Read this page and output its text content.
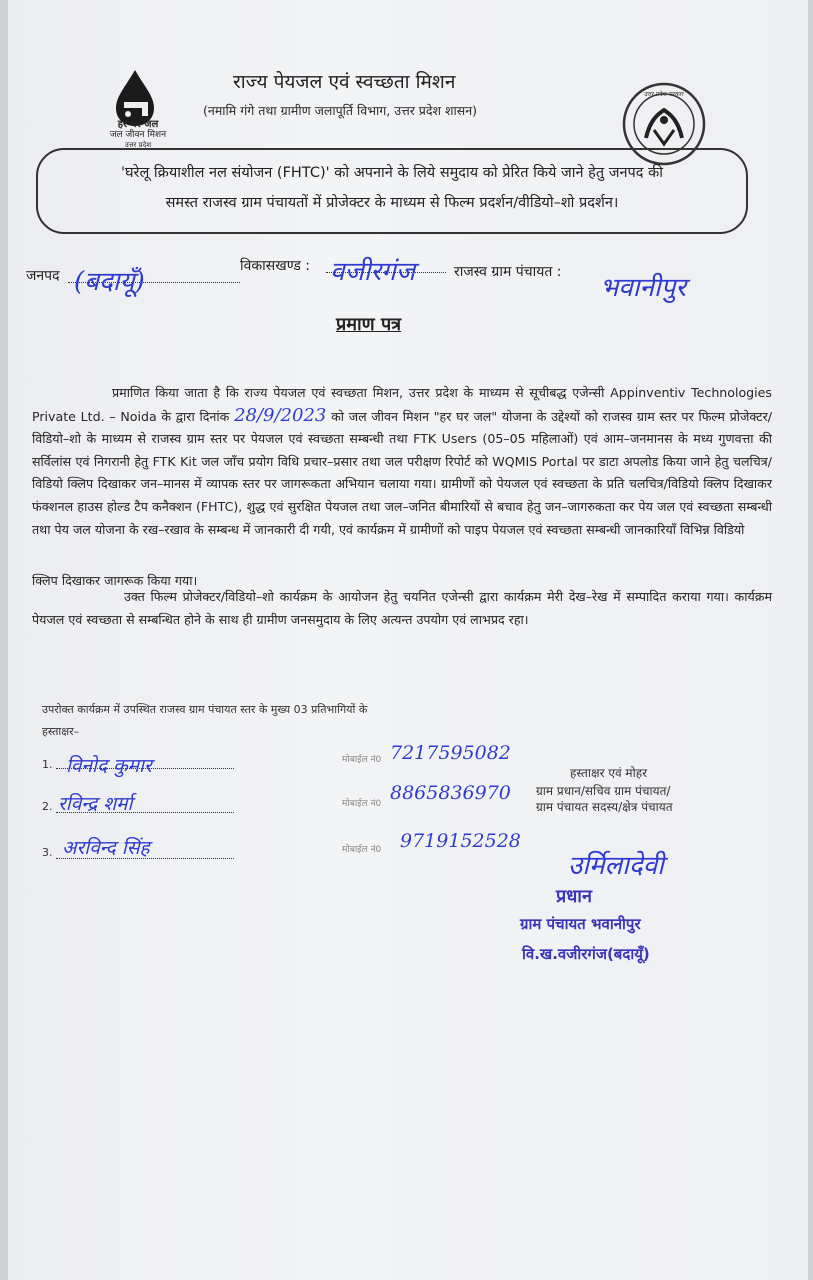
हर घर जल
जल जीवन मिशन
उत्तर प्रदेश
राज्य पेयजल एवं स्वच्छता मिशन
(नमामि गंगे तथा ग्रामीण जलापूर्ति विभाग, उत्तर प्रदेश शासन)
उत्तर प्रदेश सरकार
'घरेलू क्रियाशील नल संयोजन (FHTC)' को अपनाने के लिये समुदाय को प्रेरित किये जाने हेतु जनपद की
समस्त राजस्व ग्राम पंचायतों में प्रोजेक्टर के माध्यम से फिल्म प्रदर्शन/वीडियो–शो प्रदर्शन।
जनपद (बदायूँ)
विकासखण्ड : वजीरगंज	राजस्व ग्राम पंचायत :
भवानीपुर
प्रमाण पत्र
प्रमाणित किया जाता है कि राज्य पेयजल एवं स्वच्छता मिशन, उत्तर प्रदेश के माध्यम से सूचीबद्ध एजेन्सी Appinventiv Technologies Private Ltd. – Noida के द्वारा दिनांक 28/9/2023 को जल जीवन मिशन "हर घर जल" योजना के उद्देश्यों को राजस्व ग्राम स्तर पर फिल्म प्रोजेक्टर/विडियो–शो के माध्यम से राजस्व ग्राम स्तर पर पेयजल एवं स्वच्छता सम्बन्धी तथा FTK Users (05–05 महिलाओं) एवं आम–जनमानस के मध्य गुणवत्ता की सर्विलांस एवं निगरानी हेतु FTK Kit जल जाँच प्रयोग विधि प्रचार–प्रसार तथा जल परीक्षण रिपोर्ट को WQMIS Portal पर डाटा अपलोड किया जाने हेतु चलचित्र/विडियो क्लिप दिखाकर जन–मानस में व्यापक स्तर पर जागरूकता अभियान चलाया गया। ग्रामीणों को पेयजल एवं स्वच्छता के प्रति चलचित्र/विडियो क्लिप दिखाकर फंक्शनल हाउस होल्ड टैप कनैक्शन (FHTC), शुद्ध एवं सुरक्षित पेयजल तथा जल–जनित बीमारियों से बचाव हेतु जन–जागरुकता कर पेय जल एवं स्वच्छता सम्बन्धी तथा पेय जल योजना के रख–रखाव के सम्बन्ध में जानकारी दी गयी, एवं कार्यक्रम में ग्रामीणों को पाइप पेयजल एवं स्वच्छता सम्बन्धी जानकारियाँ विभिन्न विडियो
क्लिप दिखाकर जागरूक किया गया।
उक्त फिल्म प्रोजेक्टर/विडियो–शो कार्यक्रम के आयोजन हेतु चयनित एजेन्सी द्वारा कार्यक्रम मेरी देख–रेख में सम्पादित कराया गया। कार्यक्रम पेयजल एवं स्वच्छता से सम्बन्धित होने के साथ ही ग्रामीण जनसमुदाय के लिए अत्यन्त उपयोग एवं लाभप्रद रहा।
उपरोक्त कार्यक्रम में उपस्थित राजस्व ग्राम पंचायत स्तर के मुख्य 03 प्रतिभागियों के
हस्ताक्षर–
1. विनोद कुमार	मोबाईल नं0 7217595082
2. रविन्द्र शर्मा	मोबाईल नं0 8865836970
3. अरविन्द सिंह	मोबाईल नं0 9719152528
हस्ताक्षर एवं मोहर
ग्राम प्रधान/सचिव ग्राम पंचायत/
ग्राम पंचायत सदस्य/क्षेत्र पंचायत
उर्मिलादेवी
प्रधान
ग्राम पंचायत भवानीपुर
वि.ख.वजीरगंज(बदायूँ)
